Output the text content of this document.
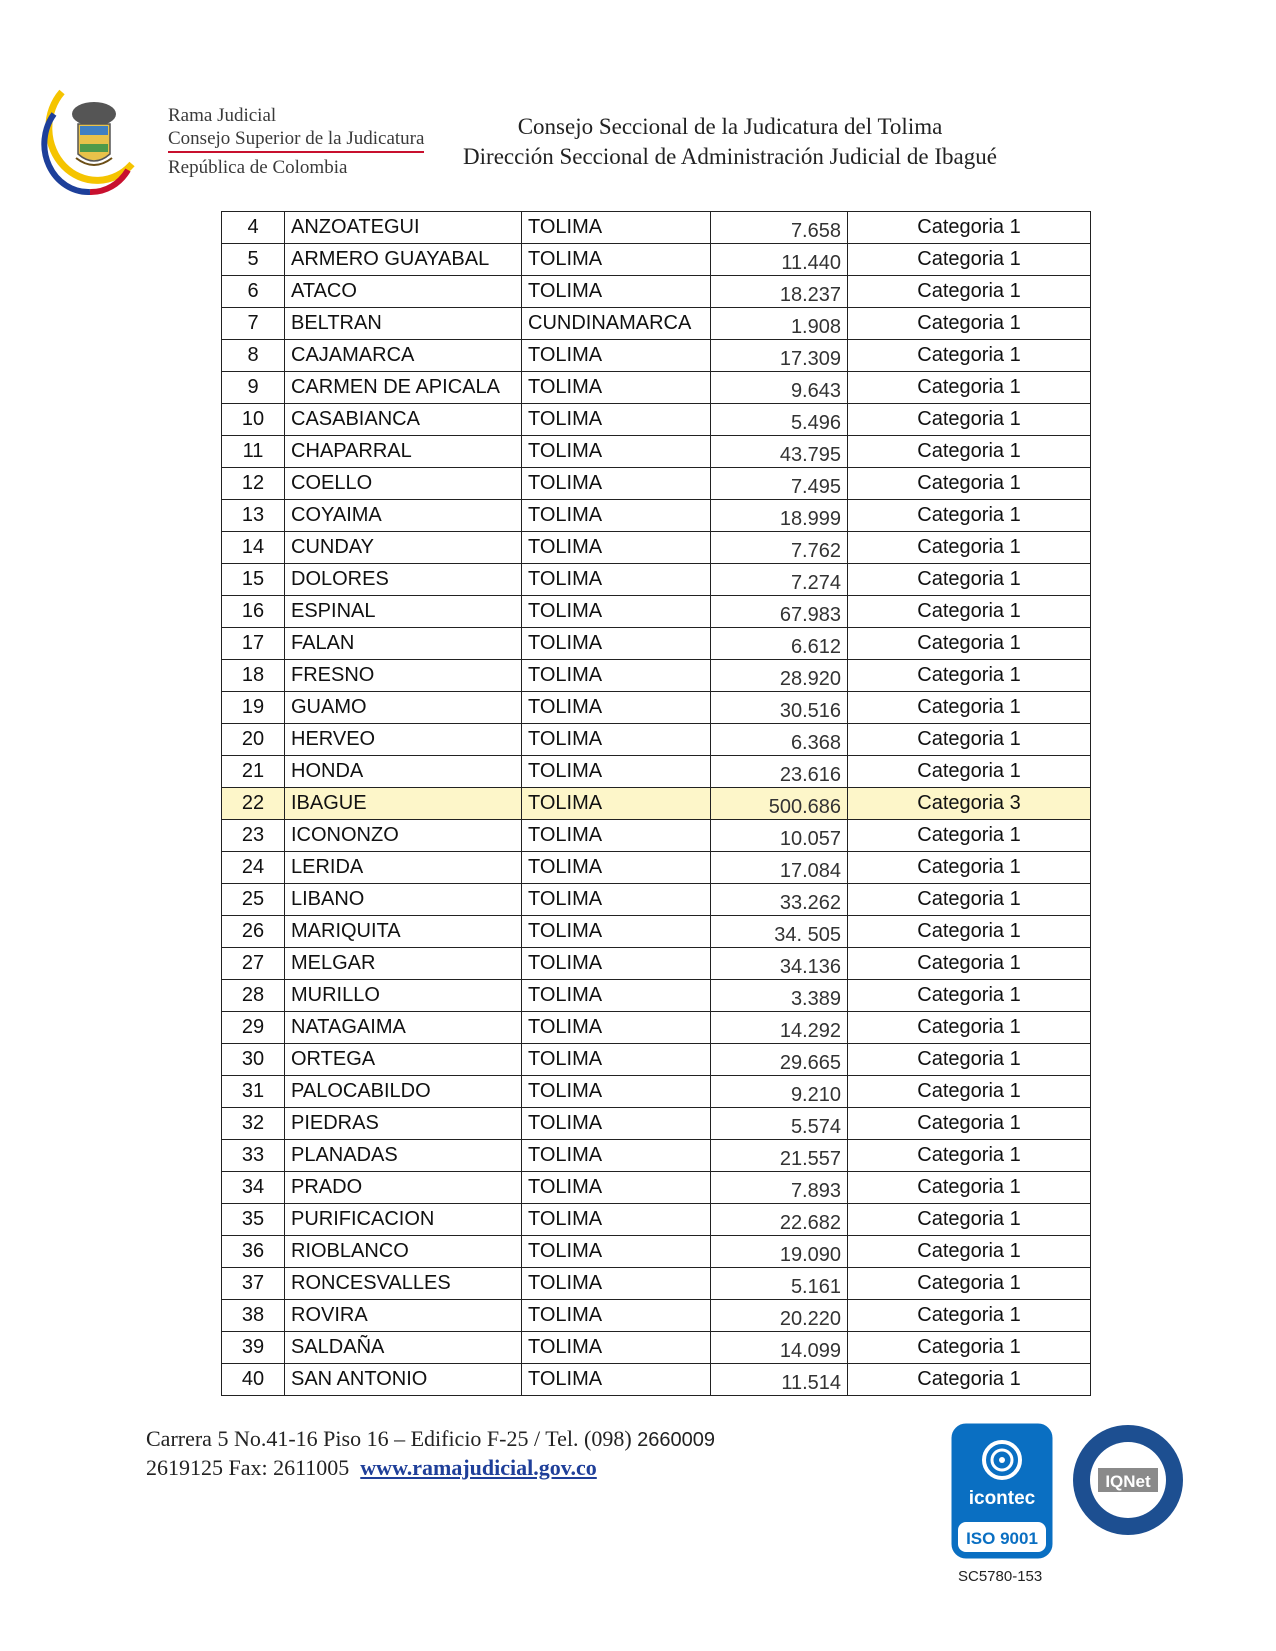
Rama Judicial
Consejo Superior de la Judicatura
República de Colombia
Consejo Seccional de la Judicatura del Tolima
Dirección Seccional de Administración Judicial de Ibagué
4	ANZOATEGUI	TOLIMA	7.658	Categoria 1
5	ARMERO GUAYABAL	TOLIMA	11.440	Categoria 1
6	ATACO	TOLIMA	18.237	Categoria 1
7	BELTRAN	CUNDINAMARCA	1.908	Categoria 1
8	CAJAMARCA	TOLIMA	17.309	Categoria 1
9	CARMEN DE APICALA	TOLIMA	9.643	Categoria 1
10	CASABIANCA	TOLIMA	5.496	Categoria 1
11	CHAPARRAL	TOLIMA	43.795	Categoria 1
12	COELLO	TOLIMA	7.495	Categoria 1
13	COYAIMA	TOLIMA	18.999	Categoria 1
14	CUNDAY	TOLIMA	7.762	Categoria 1
15	DOLORES	TOLIMA	7.274	Categoria 1
16	ESPINAL	TOLIMA	67.983	Categoria 1
17	FALAN	TOLIMA	6.612	Categoria 1
18	FRESNO	TOLIMA	28.920	Categoria 1
19	GUAMO	TOLIMA	30.516	Categoria 1
20	HERVEO	TOLIMA	6.368	Categoria 1
21	HONDA	TOLIMA	23.616	Categoria 1
22	IBAGUE	TOLIMA	500.686	Categoria 3
23	ICONONZO	TOLIMA	10.057	Categoria 1
24	LERIDA	TOLIMA	17.084	Categoria 1
25	LIBANO	TOLIMA	33.262	Categoria 1
26	MARIQUITA	TOLIMA	34. 505	Categoria 1
27	MELGAR	TOLIMA	34.136	Categoria 1
28	MURILLO	TOLIMA	3.389	Categoria 1
29	NATAGAIMA	TOLIMA	14.292	Categoria 1
30	ORTEGA	TOLIMA	29.665	Categoria 1
31	PALOCABILDO	TOLIMA	9.210	Categoria 1
32	PIEDRAS	TOLIMA	5.574	Categoria 1
33	PLANADAS	TOLIMA	21.557	Categoria 1
34	PRADO	TOLIMA	7.893	Categoria 1
35	PURIFICACION	TOLIMA	22.682	Categoria 1
36	RIOBLANCO	TOLIMA	19.090	Categoria 1
37	RONCESVALLES	TOLIMA	5.161	Categoria 1
38	ROVIRA	TOLIMA	20.220	Categoria 1
39	SALDAÑA	TOLIMA	14.099	Categoria 1
40	SAN ANTONIO	TOLIMA	11.514	Categoria 1
Carrera 5 No.41-16 Piso 16 – Edificio F-25 / Tel. (098) 2660009
2619125 Fax: 2611005 www.ramajudicial.gov.co
icontec
ISO 9001
IQNet
SC5780-153
